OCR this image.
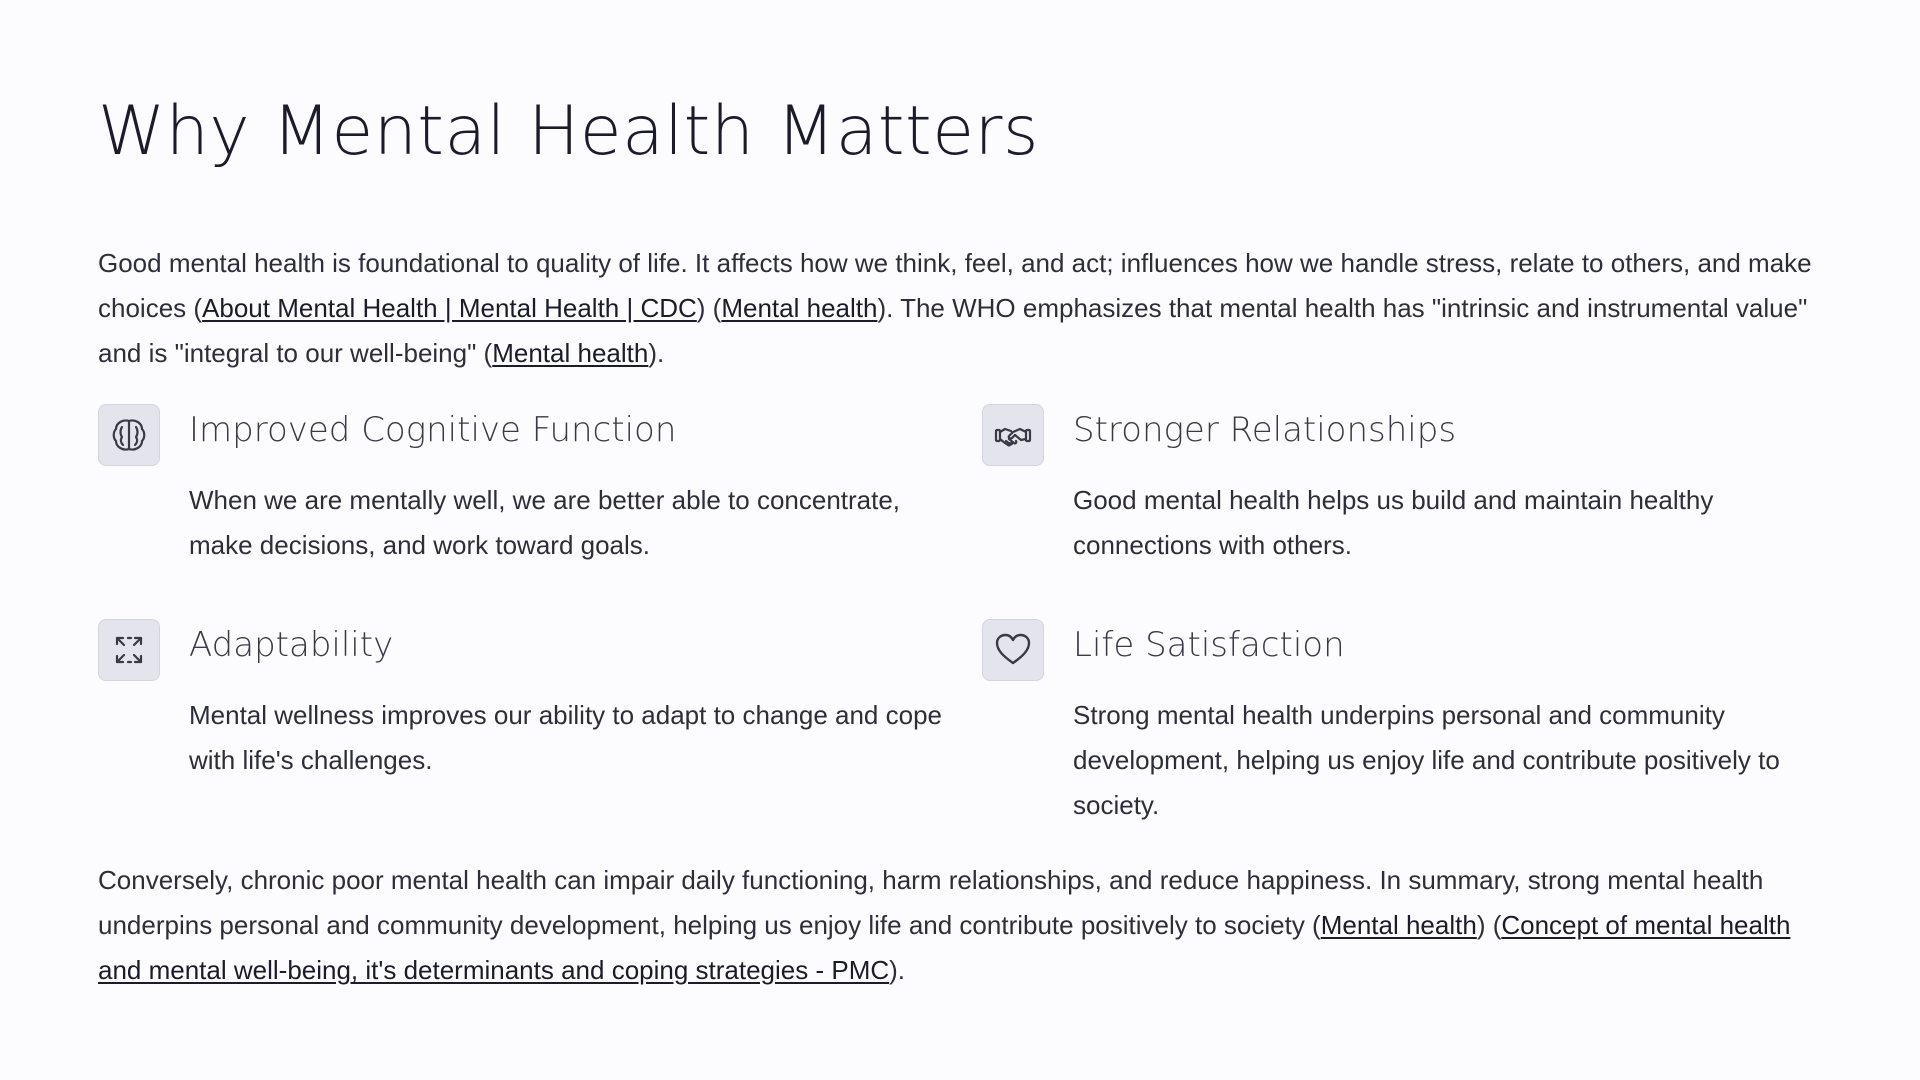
Why Mental Health Matters

Good mental health is foundational to quality of life. It affects how we think, feel, and act; influences how we handle stress, relate to others, and make choices (About Mental Health | Mental Health | CDC) (Mental health). The WHO emphasizes that mental health has "intrinsic and instrumental value" and is "integral to our well-being" (Mental health).

Improved Cognitive Function

When we are mentally well, we are better able to concentrate, make decisions, and work toward goals.

Stronger Relationships

Good mental health helps us build and maintain healthy connections with others.

Adaptability

Mental wellness improves our ability to adapt to change and cope with life's challenges.

Life Satisfaction

Strong mental health underpins personal and community development, helping us enjoy life and contribute positively to society.

Conversely, chronic poor mental health can impair daily functioning, harm relationships, and reduce happiness. In summary, strong mental health underpins personal and community development, helping us enjoy life and contribute positively to society (Mental health) (Concept of mental health and mental well-being, it's determinants and coping strategies - PMC).
